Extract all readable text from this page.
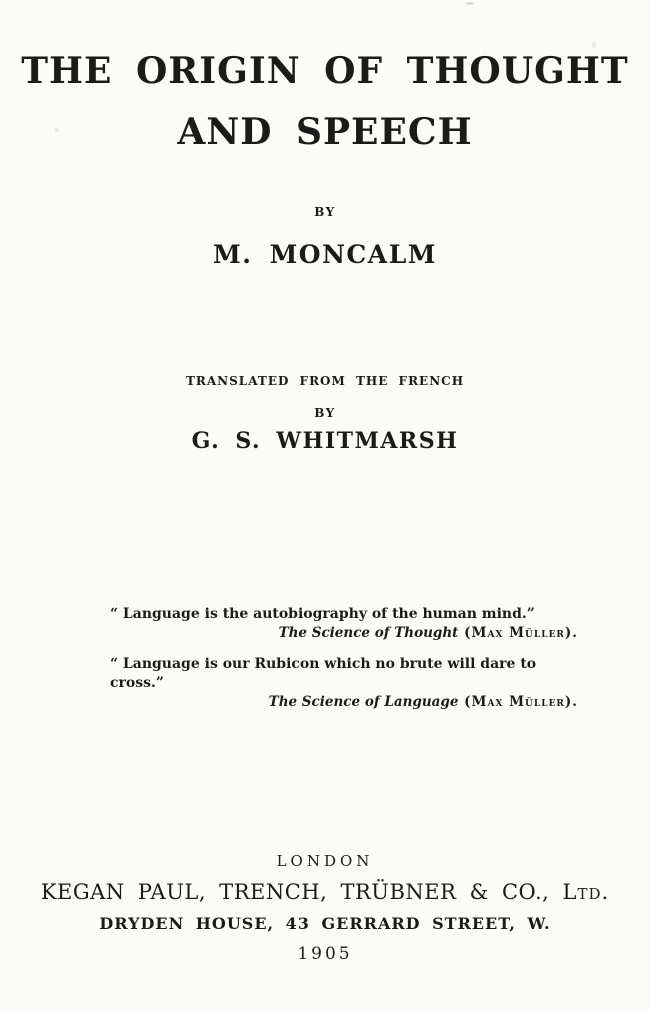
THE ORIGIN OF THOUGHT
AND SPEECH
BY
M. MONCALM
TRANSLATED FROM THE FRENCH
BY
G. S. WHITMARSH
“ Language is the autobiography of the human mind.”
The Science of Thought (Max Müller).
“ Language is our Rubicon which no brute will dare to cross.”
The Science of Language (Max Müller).
LONDON
KEGAN PAUL, TRENCH, TRÜBNER & CO., Ltd.
DRYDEN HOUSE, 43 GERRARD STREET, W.
1905
